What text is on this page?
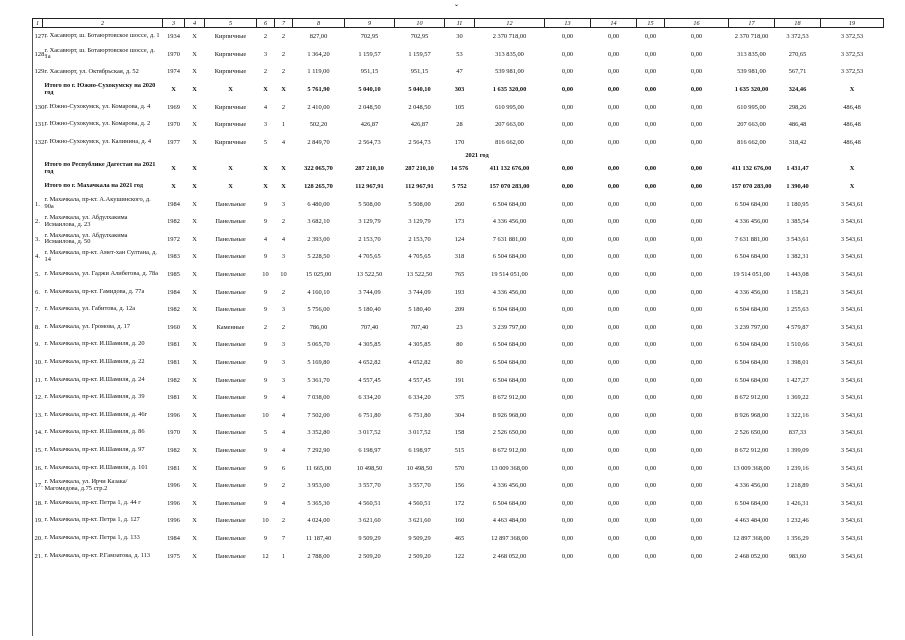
ˇ
1	2	3	4	5	6	7	8	9	10	11	12	13	14	15	16	17	18	19	
127.	г. Хасавюрт, ш. Ботаюртовское шоссе, д. 1	1934	Х	Кирпичные	2	2	827,00	702,95	702,95	30	2 370 718,00	0,00	0,00	0,00	0,00	2 370 718,00	3 372,53	3 372,53	
128.	г. Хасавюрт, ш. Ботаюртовское шоссе, д. 1а	1970	Х	Кирпичные	3	2	1 364,20	1 159,57	1 159,57	53	313 835,00	0,00	0,00	0,00	0,00	313 835,00	270,65	3 372,53	
129.	г. Хасавюрт, ул. Октябрьская, д. 52	1974	Х	Кирпичные	2	2	1 119,00	951,15	951,15	47	539 981,00	0,00	0,00	0,00	0,00	539 981,00	567,71	3 372,53	
	Итого по г. Южно-Сухокумску на 2020 год	Х	Х	Х	Х	Х	5 761,90	5 040,10	5 040,10	303	1 635 320,00	0,00	0,00	0,00	0,00	1 635 320,00	324,46	Х	
130.	г. Южно-Сухокумск, ул. Комарова, д. 4	1969	Х	Кирпичные	4	2	2 410,00	2 048,50	2 048,50	105	610 995,00	0,00	0,00	0,00	0,00	610 995,00	298,26	486,48	
131.	г. Южно-Сухокумск, ул. Комарова, д. 2	1970	Х	Кирпичные	3	1	502,20	426,87	426,87	28	207 663,00	0,00	0,00	0,00	0,00	207 663,00	486,48	486,48	
132.	г. Южно-Сухокумск, ул. Калинина, д. 4	1977	Х	Кирпичные	5	4	2 849,70	2 564,73	2 564,73	170	816 662,00	0,00	0,00	0,00	0,00	816 662,00	318,42	486,48	
2021 год																			
	Итого по Республике Дагестан на 2021 год	Х	Х	Х	Х	Х	322 065,70	287 210,10	287 210,10	14 576	411 132 676,00	0,00	0,00	0,00	0,00	411 132 676,00	1 431,47	Х	
	Итого по г. Махачкала на 2021 год	Х	Х	Х	Х	Х	128 265,70	112 967,91	112 967,91	5 752	157 070 283,00	0,00	0,00	0,00	0,00	157 070 283,00	1 390,40	Х	
1.	г. Махачкала, пр-кт. А.Акушинского, д. 90а	1984	Х	Панельные	9	3	6 480,00	5 508,00	5 508,00	260	6 504 684,00	0,00	0,00	0,00	0,00	6 504 684,00	1 180,95	3 543,61	
2.	г. Махачкала, ул. Абдулхакима Исмаилова, д. 23	1982	Х	Панельные	9	2	3 682,10	3 129,79	3 129,79	173	4 336 456,00	0,00	0,00	0,00	0,00	4 336 456,00	1 385,54	3 543,61	
3.	г. Махачкала, ул. Абдулхакима Исмаилова, д. 50	1972	Х	Панельные	4	4	2 393,00	2 153,70	2 153,70	124	7 631 881,00	0,00	0,00	0,00	0,00	7 631 881,00	3 543,61	3 543,61	
4.	г. Махачкала, пр-кт. Амет-хан Султана, д. 14	1983	Х	Панельные	9	3	5 228,50	4 705,65	4 705,65	318	6 504 684,00	0,00	0,00	0,00	0,00	6 504 684,00	1 382,31	3 543,61	
5.	г. Махачкала, ул. Гаджи Алибегова, д. 78а	1985	Х	Панельные	10	10	15 025,00	13 522,50	13 522,50	765	19 514 051,00	0,00	0,00	0,00	0,00	19 514 051,00	1 443,08	3 543,61	
6.	г. Махачкала, пр-кт. Гамидова, д. 77а	1984	Х	Панельные	9	2	4 160,10	3 744,09	3 744,09	193	4 336 456,00	0,00	0,00	0,00	0,00	4 336 456,00	1 158,21	3 543,61	
7.	г. Махачкала, ул. Габитова, д. 12а	1982	Х	Панельные	9	3	5 756,00	5 180,40	5 180,40	209	6 504 684,00	0,00	0,00	0,00	0,00	6 504 684,00	1 255,63	3 543,61	
8.	г. Махачкала, ул. Громова, д. 17	1960	Х	Каменные	2	2	786,00	707,40	707,40	23	3 239 797,00	0,00	0,00	0,00	0,00	3 239 797,00	4 579,87	3 543,61	
9.	г. Махачкала, пр-кт. И.Шамиля, д. 20	1981	Х	Панельные	9	3	5 065,70	4 305,85	4 305,85	80	6 504 684,00	0,00	0,00	0,00	0,00	6 504 684,00	1 510,66	3 543,61	
10.	г. Махачкала, пр-кт. И.Шамиля, д. 22	1981	Х	Панельные	9	3	5 169,80	4 652,82	4 652,82	80	6 504 684,00	0,00	0,00	0,00	0,00	6 504 684,00	1 398,01	3 543,61	
11.	г. Махачкала, пр-кт. И.Шамиля, д. 24	1982	Х	Панельные	9	3	5 361,70	4 557,45	4 557,45	191	6 504 684,00	0,00	0,00	0,00	0,00	6 504 684,00	1 427,27	3 543,61	
12.	г. Махачкала, пр-кт. И.Шамиля, д. 39	1981	Х	Панельные	9	4	7 038,00	6 334,20	6 334,20	375	8 672 912,00	0,00	0,00	0,00	0,00	8 672 912,00	1 369,22	3 543,61	
13.	г. Махачкала, пр-кт. И.Шамиля, д. 46г	1996	Х	Панельные	10	4	7 502,00	6 751,80	6 751,80	304	8 926 968,00	0,00	0,00	0,00	0,00	8 926 968,00	1 322,16	3 543,61	
14.	г. Махачкала, пр-кт. И.Шамиля, д. 86	1970	Х	Панельные	5	4	3 352,80	3 017,52	3 017,52	158	2 526 650,00	0,00	0,00	0,00	0,00	2 526 650,00	837,33	3 543,61	
15.	г. Махачкала, пр-кт. И.Шамиля, д. 97	1982	Х	Панельные	9	4	7 292,90	6 198,97	6 198,97	515	8 672 912,00	0,00	0,00	0,00	0,00	8 672 912,00	1 399,09	3 543,61	
16.	г. Махачкала, пр-кт. И.Шамиля, д. 101	1981	Х	Панельные	9	6	11 665,00	10 498,50	10 498,50	570	13 009 368,00	0,00	0,00	0,00	0,00	13 009 368,00	1 239,16	3 543,61	
17.	г. Махачкала, ул. Ирчи Казака/Магомедова, д.75 стр.2	1996	Х	Панельные	9	2	3 953,00	3 557,70	3 557,70	156	4 336 456,00	0,00	0,00	0,00	0,00	4 336 456,00	1 218,89	3 543,61	
18.	г. Махачкала, пр-кт. Петра 1, д. 44 г	1996	Х	Панельные	9	4	5 365,30	4 560,51	4 560,51	172	6 504 684,00	0,00	0,00	0,00	0,00	6 504 684,00	1 426,31	3 543,61	
19.	г. Махачкала, пр-кт. Петра 1, д. 127	1996	Х	Панельные	10	2	4 024,00	3 621,60	3 621,60	160	4 463 484,00	0,00	0,00	0,00	0,00	4 463 484,00	1 232,46	3 543,61	
20.	г. Махачкала, пр-кт. Петра 1, д. 133	1984	Х	Панельные	9	7	11 187,40	9 509,29	9 509,29	465	12 897 368,00	0,00	0,00	0,00	0,00	12 897 368,00	1 356,29	3 543,61	
21.	г. Махачкала, пр-кт. Р.Гамзатова, д. 113	1975	Х	Панельные	12	1	2 788,00	2 509,20	2 509,20	122	2 468 052,00	0,00	0,00	0,00	0,00	2 468 052,00	983,60	3 543,61	
